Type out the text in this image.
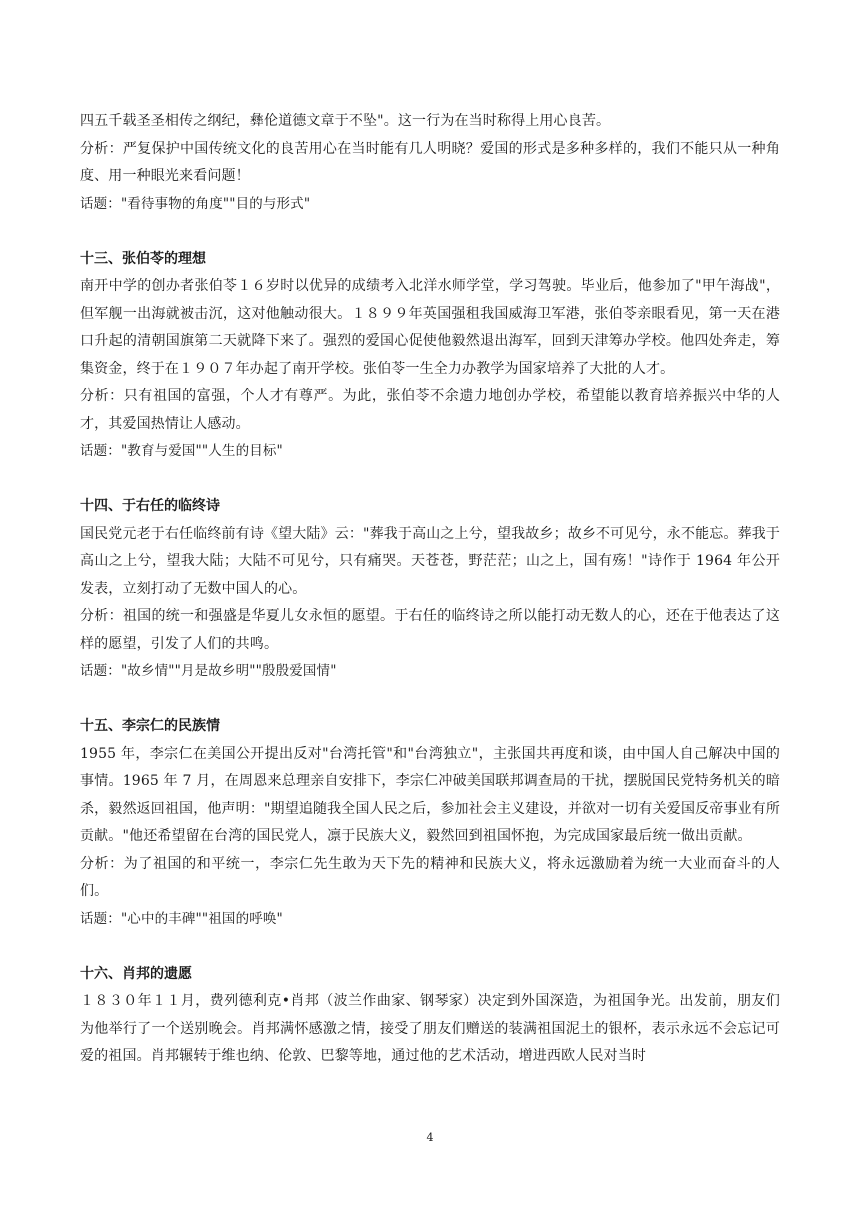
四五千载圣圣相传之纲纪，彝伦道德文章于不坠"。这一行为在当时称得上用心良苦。

分析：严复保护中国传统文化的良苦用心在当时能有几人明晓？爱国的形式是多种多样的，我们不能只从一种角度、用一种眼光来看问题！

话题："看待事物的角度""目的与形式"

十三、张伯苓的理想

南开中学的创办者张伯苓１６岁时以优异的成绩考入北洋水师学堂，学习驾驶。毕业后，他参加了"甲午海战"，但军舰一出海就被击沉，这对他触动很大。１８９９年英国强租我国威海卫军港，张伯苓亲眼看见，第一天在港口升起的清朝国旗第二天就降下来了。强烈的爱国心促使他毅然退出海军，回到天津筹办学校。他四处奔走，筹集资金，终于在１９０７年办起了南开学校。张伯苓一生全力办教学为国家培养了大批的人才。

分析：只有祖国的富强，个人才有尊严。为此，张伯苓不余遗力地创办学校，希望能以教育培养振兴中华的人才，其爱国热情让人感动。

话题："教育与爱国""人生的目标"

十四、于右任的临终诗

国民党元老于右任临终前有诗《望大陆》云："葬我于高山之上兮，望我故乡；故乡不可见兮，永不能忘。葬我于高山之上兮，望我大陆；大陆不可见兮，只有痛哭。天苍苍，野茫茫；山之上，国有殇！"诗作于 1964 年公开发表，立刻打动了无数中国人的心。

分析：祖国的统一和强盛是华夏儿女永恒的愿望。于右任的临终诗之所以能打动无数人的心，还在于他表达了这样的愿望，引发了人们的共鸣。

话题："故乡情""月是故乡明""殷殷爱国情"

十五、李宗仁的民族情

1955 年，李宗仁在美国公开提出反对"台湾托管"和"台湾独立"，主张国共再度和谈，由中国人自己解决中国的事情。1965 年 7 月，在周恩来总理亲自安排下，李宗仁冲破美国联邦调查局的干扰，摆脱国民党特务机关的暗杀，毅然返回祖国，他声明："期望追随我全国人民之后，参加社会主义建设，并欲对一切有关爱国反帝事业有所贡献。"他还希望留在台湾的国民党人，凛于民族大义，毅然回到祖国怀抱，为完成国家最后统一做出贡献。

分析：为了祖国的和平统一，李宗仁先生敢为天下先的精神和民族大义，将永远激励着为统一大业而奋斗的人们。

话题："心中的丰碑""祖国的呼唤"

十六、肖邦的遗愿

１８３０年１１月，费列德利克•肖邦（波兰作曲家、钢琴家）决定到外国深造，为祖国争光。出发前，朋友们为他举行了一个送别晚会。肖邦满怀感激之情，接受了朋友们赠送的装满祖国泥土的银杯，表示永远不会忘记可爱的祖国。肖邦辗转于维也纳、伦敦、巴黎等地，通过他的艺术活动，增进西欧人民对当时

4
